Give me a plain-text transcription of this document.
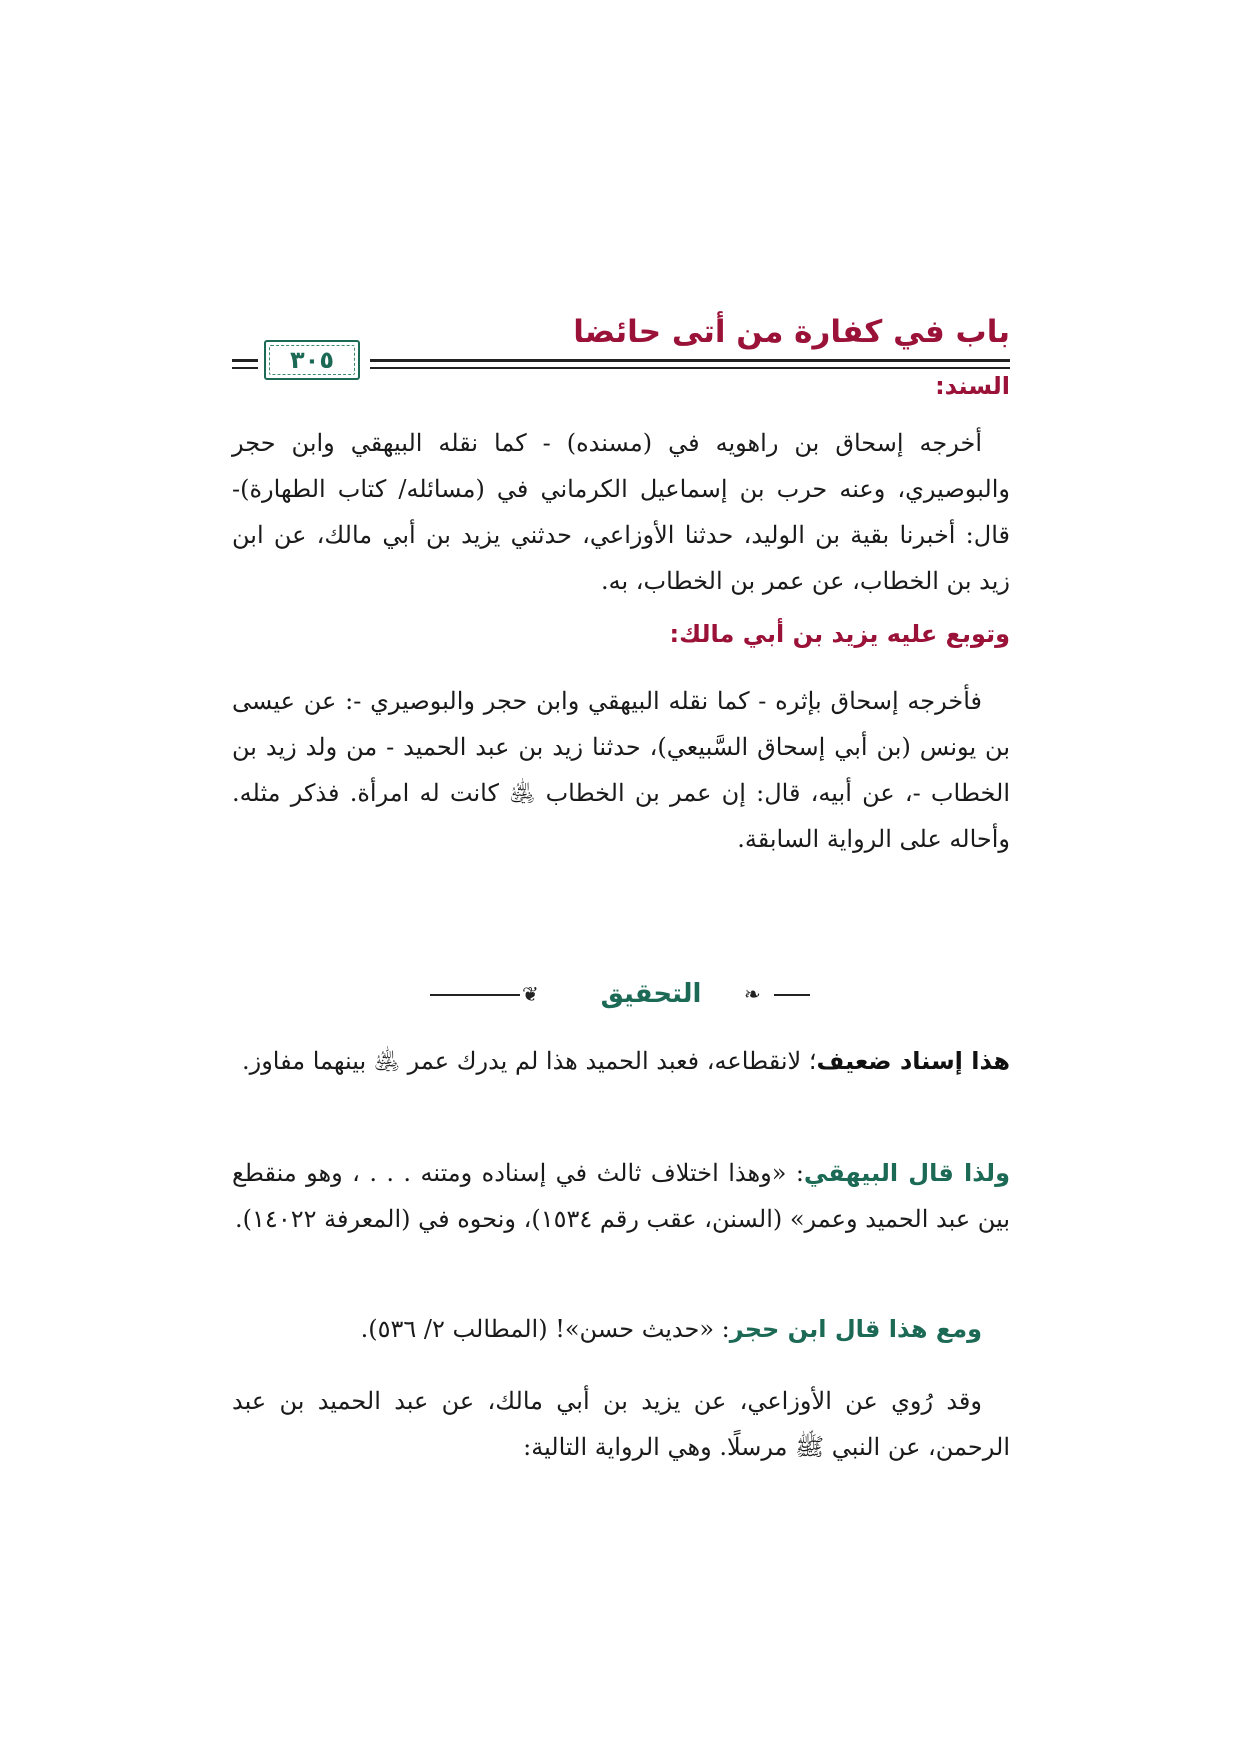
باب في كفارة من أتى حائضا
٣٠٥
السند:
أخرجه إسحاق بن راهويه في (مسنده) - كما نقله البيهقي وابن حجر والبوصيري، وعنه حرب بن إسماعيل الكرماني في (مسائله/ كتاب الطهارة)- قال: أخبرنا بقية بن الوليد، حدثنا الأوزاعي، حدثني يزيد بن أبي مالك، عن ابن زيد بن الخطاب، عن عمر بن الخطاب، به.
وتوبع عليه يزيد بن أبي مالك:
فأخرجه إسحاق بإثره - كما نقله البيهقي وابن حجر والبوصيري -: عن عيسى بن يونس (بن أبي إسحاق السَّبيعي)، حدثنا زيد بن عبد الحميد - من ولد زيد بن الخطاب -، عن أبيه، قال: إن عمر بن الخطاب ﵁ كانت له امرأة. فذكر مثله. وأحاله على الرواية السابقة.
❦	التحقيق	❧
هذا إسناد ضعيف؛ لانقطاعه، فعبد الحميد هذا لم يدرك عمر ﵁ بينهما مفاوز.
ولذا قال البيهقي: «وهذا اختلاف ثالث في إسناده ومتنه . . . ، وهو منقطع بين عبد الحميد وعمر» (السنن، عقب رقم ١٥٣٤)، ونحوه في (المعرفة ١٤٠٢٢).
ومع هذا قال ابن حجر: «حديث حسن»! (المطالب ٢/ ٥٣٦).
وقد رُوي عن الأوزاعي، عن يزيد بن أبي مالك، عن عبد الحميد بن عبد الرحمن، عن النبي ﷺ مرسلًا. وهي الرواية التالية:
